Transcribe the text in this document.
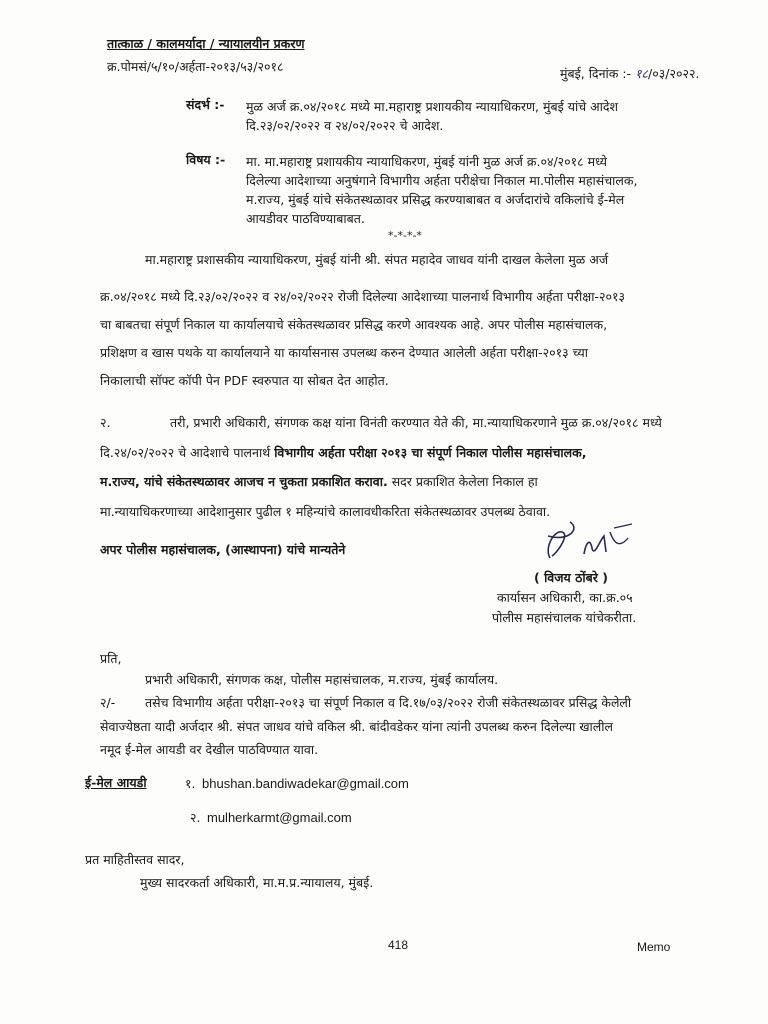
तात्काळ / कालमर्यादा / न्यायालयीन प्रकरण
क्र.पोमसं/५/१०/अर्हता-२०१३/५३/२०१८	मुंबई, दिनांक :- १८/०३/२०२२.
संदर्भ :- मुळ अर्ज क्र.०४/२०१८ मध्ये मा.महाराष्ट्र प्रशायकीय न्यायाधिकरण, मुंबई यांचे आदेश
दि.२३/०२/२०२२ व २४/०२/२०२२ चे आदेश.
विषय :- मा. मा.महाराष्ट्र प्रशायकीय न्यायाधिकरण, मुंबई यांनी मुळ अर्ज क्र.०४/२०१८ मध्ये
दिलेल्या आदेशाच्या अनुषंगाने विभागीय अर्हता परीक्षेचा निकाल मा.पोलीस महासंचालक,
म.राज्य, मुंबई यांचे संकेतस्थळावर प्रसिद्ध करण्याबाबत व अर्जदारांचे वकिलांचे ई-मेल
आयडीवर पाठविण्याबाबत.
*-*-*-*
मा.महाराष्ट्र प्रशासकीय न्यायाधिकरण, मुंबई यांनी श्री. संपत महादेव जाधव यांनी दाखल केलेला मुळ अर्ज
क्र.०४/२०१८ मध्ये दि.२३/०२/२०२२ व २४/०२/२०२२ रोजी दिलेल्या आदेशाच्या पालनार्थ विभागीय अर्हता परीक्षा-२०१३
चा बाबतचा संपूर्ण निकाल या कार्यालयाचे संकेतस्थळावर प्रसिद्ध करणे आवश्यक आहे. अपर पोलीस महासंचालक,
प्रशिक्षण व खास पथके या कार्यालयाने या कार्यासनास उपलब्ध करुन देण्यात आलेली अर्हता परीक्षा-२०१३ च्या
निकालाची सॉफ्ट कॉपी पेन PDF स्वरुपात या सोबत देत आहोत.
२.	तरी, प्रभारी अधिकारी, संगणक कक्ष यांना विनंती करण्यात येते की, मा.न्यायाधिकरणाने मुळ क्र.०४/२०१८ मध्ये
दि.२४/०२/२०२२ चे आदेशाचे पालनार्थ विभागीय अर्हता परीक्षा २०१३ चा संपूर्ण निकाल पोलीस महासंचालक,
म.राज्य, यांचे संकेतस्थळावर आजच न चुकता प्रकाशित करावा. सदर प्रकाशित केलेला निकाल हा
मा.न्यायाधिकरणाच्या आदेशानुसार पुढील १ महिन्यांचे कालावधीकरिता संकेतस्थळावर उपलब्ध ठेवावा.
अपर पोलीस महासंचालक, (आस्थापना) यांचे मान्यतेने
( विजय ठोंबरे )
कार्यासन अधिकारी, का.क्र.०५
पोलीस महासंचालक यांचेकरीता.
प्रति,
प्रभारी अधिकारी, संगणक कक्ष, पोलीस महासंचालक, म.राज्य, मुंबई कार्यालय.
२/- तसेच विभागीय अर्हता परीक्षा-२०१३ चा संपूर्ण निकाल व दि.१७/०३/२०२२ रोजी संकेतस्थळावर प्रसिद्ध केलेली
सेवाज्येष्ठता यादी अर्जदार श्री. संपत जाधव यांचे वकिल श्री. बांदीवडेकर यांना त्यांनी उपलब्ध करुन दिलेल्या खालील
नमूद ई-मेल आयडी वर देखील पाठविण्यात यावा.
ई-मेल आयडी	१. bhushan.bandiwadekar@gmail.com
२. mulherkarmt@gmail.com
प्रत माहितीस्तव सादर,
मुख्य सादरकर्ता अधिकारी, मा.म.प्र.न्यायालय, मुंबई.
418	Memo
